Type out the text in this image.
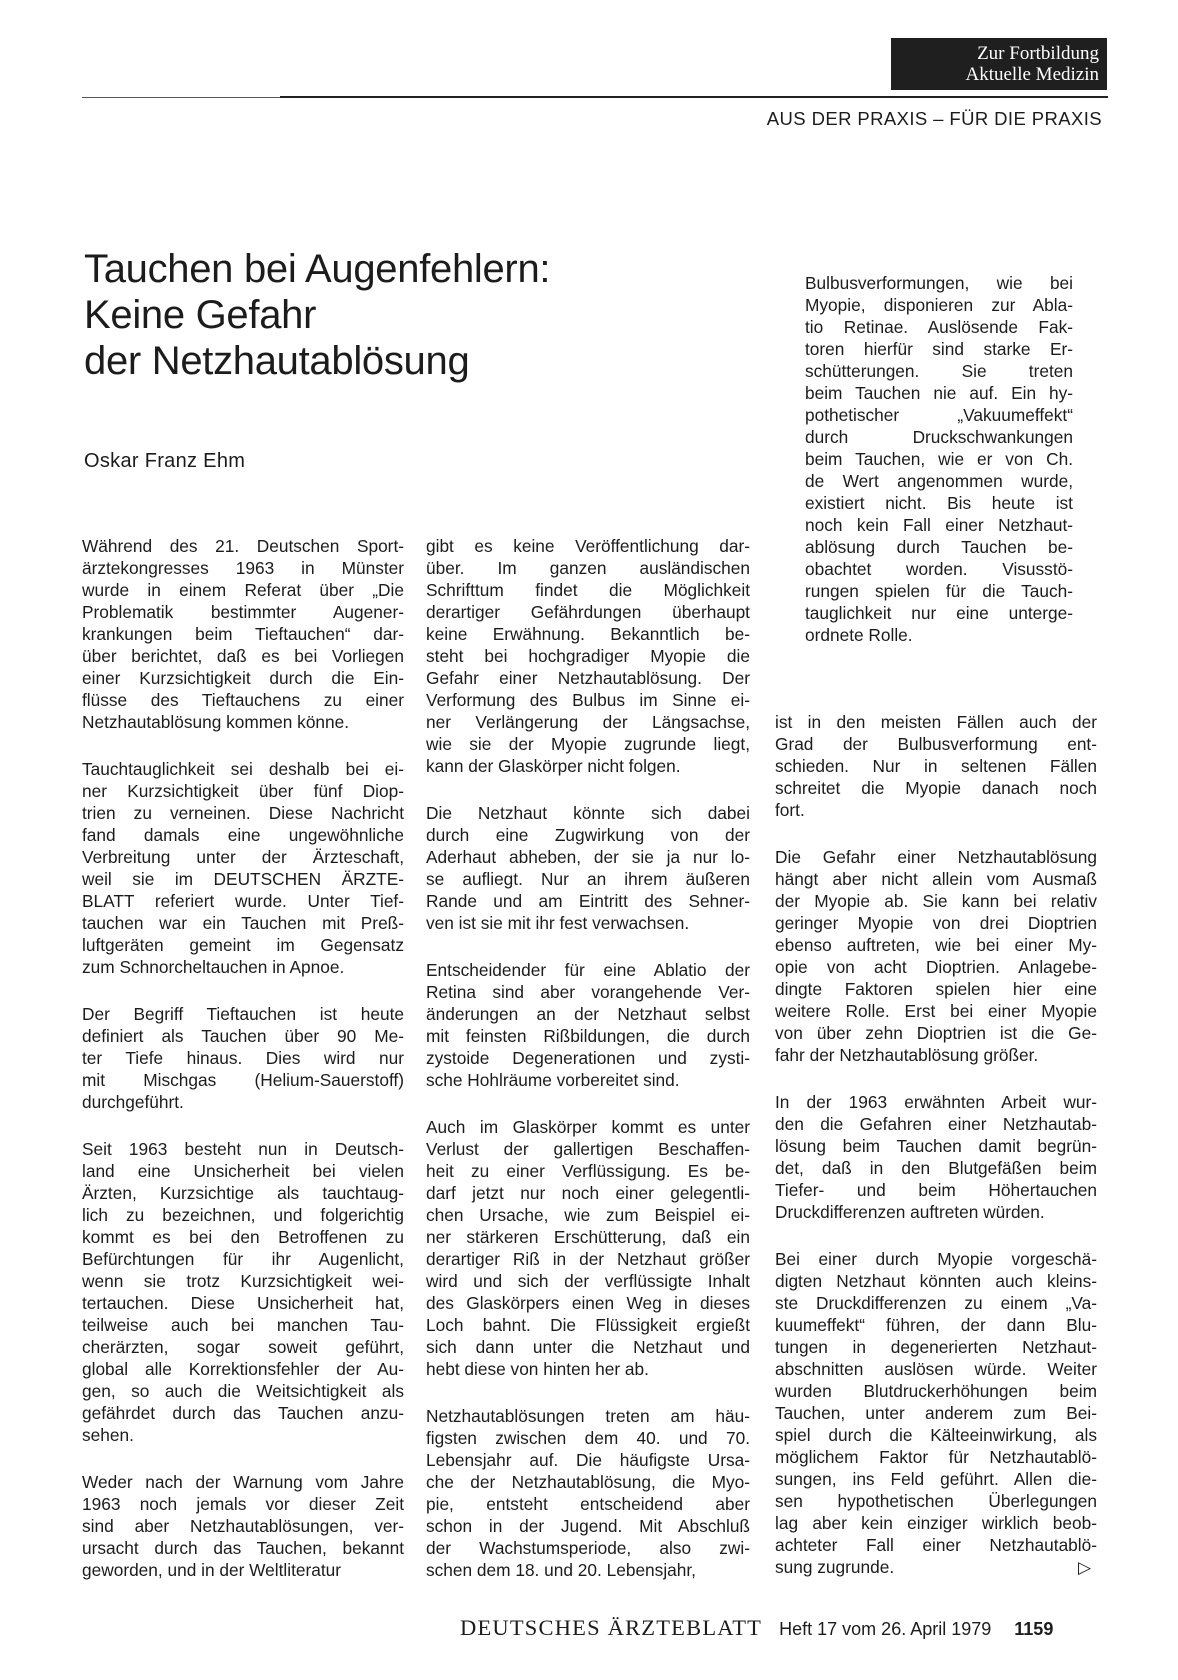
Zur Fortbildung
Aktuelle Medizin
AUS DER PRAXIS – FÜR DIE PRAXIS
Tauchen bei Augenfehlern:
Keine Gefahr
der Netzhautablösung
Oskar Franz Ehm

Bulbusverformungen, wie bei
Myopie, disponieren zur Abla-
tio Retinae. Auslösende Fak-
toren hierfür sind starke Er-
schütterungen. Sie treten
beim Tauchen nie auf. Ein hy-
pothetischer „Vakuumeffekt“
durch Druckschwankungen
beim Tauchen, wie er von Ch.
de Wert angenommen wurde,
existiert nicht. Bis heute ist
noch kein Fall einer Netzhaut-
ablösung durch Tauchen be-
obachtet worden. Visusstö-
rungen spielen für die Tauch-
tauglichkeit nur eine unterge-
ordnete Rolle.

Während des 21. Deutschen Sport-
ärztekongresses 1963 in Münster
wurde in einem Referat über „Die
Problematik bestimmter Augener-
krankungen beim Tieftauchen“ dar-
über berichtet, daß es bei Vorliegen
einer Kurzsichtigkeit durch die Ein-
flüsse des Tieftauchens zu einer
Netzhautablösung kommen könne.

Tauchtauglichkeit sei deshalb bei ei-
ner Kurzsichtigkeit über fünf Diop-
trien zu verneinen. Diese Nachricht
fand damals eine ungewöhnliche
Verbreitung unter der Ärzteschaft,
weil sie im DEUTSCHEN ÄRZTE-
BLATT referiert wurde. Unter Tief-
tauchen war ein Tauchen mit Preß-
luftgeräten gemeint im Gegensatz
zum Schnorcheltauchen in Apnoe.

Der Begriff Tieftauchen ist heute
definiert als Tauchen über 90 Me-
ter Tiefe hinaus. Dies wird nur
mit Mischgas (Helium-Sauerstoff)
durchgeführt.

Seit 1963 besteht nun in Deutsch-
land eine Unsicherheit bei vielen
Ärzten, Kurzsichtige als tauchtaug-
lich zu bezeichnen, und folgerichtig
kommt es bei den Betroffenen zu
Befürchtungen für ihr Augenlicht,
wenn sie trotz Kurzsichtigkeit wei-
tertauchen. Diese Unsicherheit hat,
teilweise auch bei manchen Tau-
cherärzten, sogar soweit geführt,
global alle Korrektionsfehler der Au-
gen, so auch die Weitsichtigkeit als
gefährdet durch das Tauchen anzu-
sehen.

Weder nach der Warnung vom Jahre
1963 noch jemals vor dieser Zeit
sind aber Netzhautablösungen, ver-
ursacht durch das Tauchen, bekannt
geworden, und in der Weltliteratur

gibt es keine Veröffentlichung dar-
über. Im ganzen ausländischen
Schrifttum findet die Möglichkeit
derartiger Gefährdungen überhaupt
keine Erwähnung. Bekanntlich be-
steht bei hochgradiger Myopie die
Gefahr einer Netzhautablösung. Der
Verformung des Bulbus im Sinne ei-
ner Verlängerung der Längsachse,
wie sie der Myopie zugrunde liegt,
kann der Glaskörper nicht folgen.

Die Netzhaut könnte sich dabei
durch eine Zugwirkung von der
Aderhaut abheben, der sie ja nur lo-
se aufliegt. Nur an ihrem äußeren
Rande und am Eintritt des Sehner-
ven ist sie mit ihr fest verwachsen.

Entscheidender für eine Ablatio der
Retina sind aber vorangehende Ver-
änderungen an der Netzhaut selbst
mit feinsten Rißbildungen, die durch
zystoide Degenerationen und zysti-
sche Hohlräume vorbereitet sind.

Auch im Glaskörper kommt es unter
Verlust der gallertigen Beschaffen-
heit zu einer Verflüssigung. Es be-
darf jetzt nur noch einer gelegentli-
chen Ursache, wie zum Beispiel ei-
ner stärkeren Erschütterung, daß ein
derartiger Riß in der Netzhaut größer
wird und sich der verflüssigte Inhalt
des Glaskörpers einen Weg in dieses
Loch bahnt. Die Flüssigkeit ergießt
sich dann unter die Netzhaut und
hebt diese von hinten her ab.

Netzhautablösungen treten am häu-
figsten zwischen dem 40. und 70.
Lebensjahr auf. Die häufigste Ursa-
che der Netzhautablösung, die Myo-
pie, entsteht entscheidend aber
schon in der Jugend. Mit Abschluß
der Wachstumsperiode, also zwi-
schen dem 18. und 20. Lebensjahr,

ist in den meisten Fällen auch der
Grad der Bulbusverformung ent-
schieden. Nur in seltenen Fällen
schreitet die Myopie danach noch
fort.

Die Gefahr einer Netzhautablösung
hängt aber nicht allein vom Ausmaß
der Myopie ab. Sie kann bei relativ
geringer Myopie von drei Dioptrien
ebenso auftreten, wie bei einer My-
opie von acht Dioptrien. Anlagebe-
dingte Faktoren spielen hier eine
weitere Rolle. Erst bei einer Myopie
von über zehn Dioptrien ist die Ge-
fahr der Netzhautablösung größer.

In der 1963 erwähnten Arbeit wur-
den die Gefahren einer Netzhautab-
lösung beim Tauchen damit begrün-
det, daß in den Blutgefäßen beim
Tiefer- und beim Höhertauchen
Druckdifferenzen auftreten würden.

Bei einer durch Myopie vorgeschä-
digten Netzhaut könnten auch kleins-
ste Druckdifferenzen zu einem „Va-
kuumeffekt“ führen, der dann Blu-
tungen in degenerierten Netzhaut-
abschnitten auslösen würde. Weiter
wurden Blutdruckerhöhungen beim
Tauchen, unter anderem zum Bei-
spiel durch die Kälteeinwirkung, als
möglichem Faktor für Netzhautablö-
sungen, ins Feld geführt. Allen die-
sen hypothetischen Überlegungen
lag aber kein einziger wirklich beob-
achteter Fall einer Netzhautablö-
sung zugrunde.	▷
DEUTSCHES ÄRZTEBLATT Heft 17 vom 26. April 1979 1159
